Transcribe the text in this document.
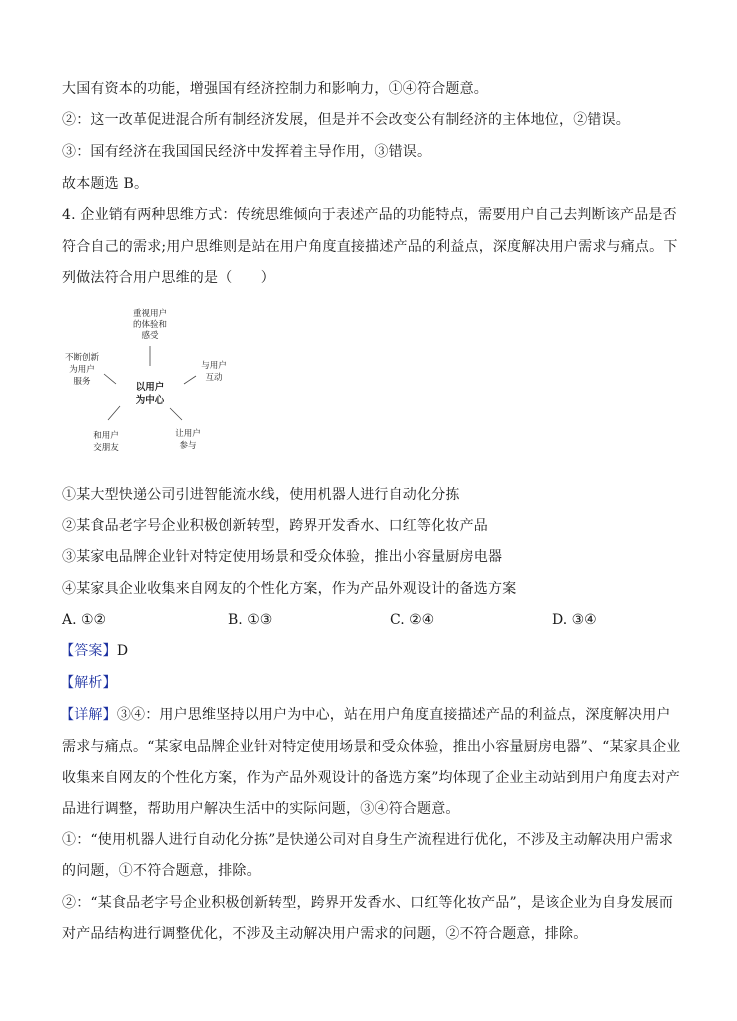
大国有资本的功能，增强国有经济控制力和影响力，①④符合题意。
②：这一改革促进混合所有制经济发展，但是并不会改变公有制经济的主体地位，②错误。
③：国有经济在我国国民经济中发挥着主导作用，③错误。
故本题选 B。
4. 企业销有两种思维方式：传统思维倾向于表述产品的功能特点，需要用户自己去判断该产品是否
符合自己的需求;用户思维则是站在用户角度直接描述产品的利益点，深度解决用户需求与痛点。下
列做法符合用户思维的是（　　）
以用户
为中心
重视用户
的体验和
感受
与用户
互动
不断创新
为用户
服务
和用户
交朋友
让用户
参与
①某大型快递公司引进智能流水线，使用机器人进行自动化分拣
②某食品老字号企业积极创新转型，跨界开发香水、口红等化妆产品
③某家电品牌企业针对特定使用场景和受众体验，推出小容量厨房电器
④某家具企业收集来自网友的个性化方案，作为产品外观设计的备选方案
A. ①②	B. ①③	C. ②④	D. ③④
【答案】D
【解析】
【详解】③④：用户思维坚持以用户为中心，站在用户角度直接描述产品的利益点，深度解决用户
需求与痛点。“某家电品牌企业针对特定使用场景和受众体验，推出小容量厨房电器”、“某家具企业
收集来自网友的个性化方案，作为产品外观设计的备选方案”均体现了企业主动站到用户角度去对产
品进行调整，帮助用户解决生活中的实际问题，③④符合题意。
①：“使用机器人进行自动化分拣”是快递公司对自身生产流程进行优化，不涉及主动解决用户需求
的问题，①不符合题意，排除。
②：“某食品老字号企业积极创新转型，跨界开发香水、口红等化妆产品”，是该企业为自身发展而
对产品结构进行调整优化，不涉及主动解决用户需求的问题，②不符合题意，排除。
